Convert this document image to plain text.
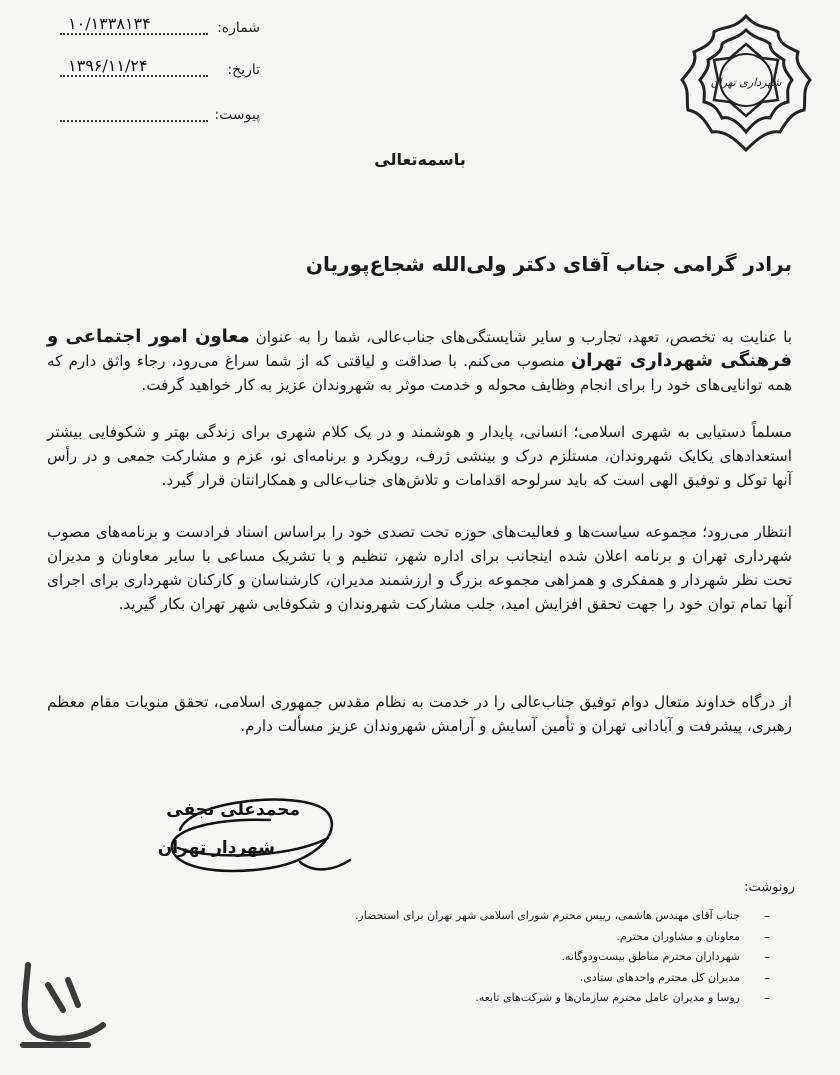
شماره:
۱۰/۱۳۳۸۱۳۴
تاریخ:
۱۳۹۶/۱۱/۲۴
پیوست:
شهرداری تهران
باسمه‌تعالی
برادر گرامی جناب آقای دکتر ولی‌الله شجاع‌پوریان
با عنایت به تخصص، تعهد، تجارب و سایر شایستگی‌های جناب‌عالی، شما را به عنوان معاون امور اجتماعی و فرهنگی شهرداری تهران منصوب می‌کنم. با صداقت و لیاقتی که از شما سراغ می‌رود، رجاء واثق دارم که همه توانایی‌های خود را برای انجام وظایف محوله و خدمت موثر به شهروندان عزیز به کار خواهید گرفت.
مسلماً دستیابی به شهری اسلامی؛ انسانی، پایدار و هوشمند و در یک کلام شهری برای زندگی بهتر و شکوفایی بیشتر استعدادهای یکایک شهروندان، مستلزم درک و بینشی ژرف، رویکرد و برنامه‌ای نو، عزم و مشارکت جمعی و در رأس آنها توکل و توفیق الهی است که باید سرلوحه اقدامات و تلاش‌های جناب‌عالی و همکارانتان قرار گیرد.
انتظار می‌رود؛ مجموعه سیاست‌ها و فعالیت‌های حوزه تحت تصدی خود را براساس اسناد فرادست و برنامه‌های مصوب شهرداری تهران و برنامه اعلان شده اینجانب برای اداره شهر، تنظیم و با تشریک مساعی با سایر معاونان و مدیران تحت نظر شهردار و همفکری و همراهی مجموعه بزرگ و ارزشمند مدیران، کارشناسان و کارکنان شهرداری برای اجرای آنها تمام توان خود را جهت تحقق افزایش امید، جلب مشارکت شهروندان و شکوفایی شهر تهران بکار گیرید.
از درگاه خداوند متعال دوام توفیق جناب‌عالی را در خدمت به نظام مقدس جمهوری اسلامی، تحقق منویات مقام معظم رهبری، پیشرفت و آبادانی تهران و تأمین آسایش و آرامش شهروندان عزیز مسألت دارم.
محمدعلی نجفی
شهردار تهران
رونوشت:
–
جناب آقای مهندس هاشمی، رییس محترم شورای اسلامی شهر تهران برای استحضار.
–
معاونان و مشاوران محترم.
–
شهرداران محترم مناطق بیست‌ودوگانه.
–
مدیران کل محترم واحدهای ستادی.
–
روسا و مدیران عامل محترم سازمان‌ها و شرکت‌های تابعه.
